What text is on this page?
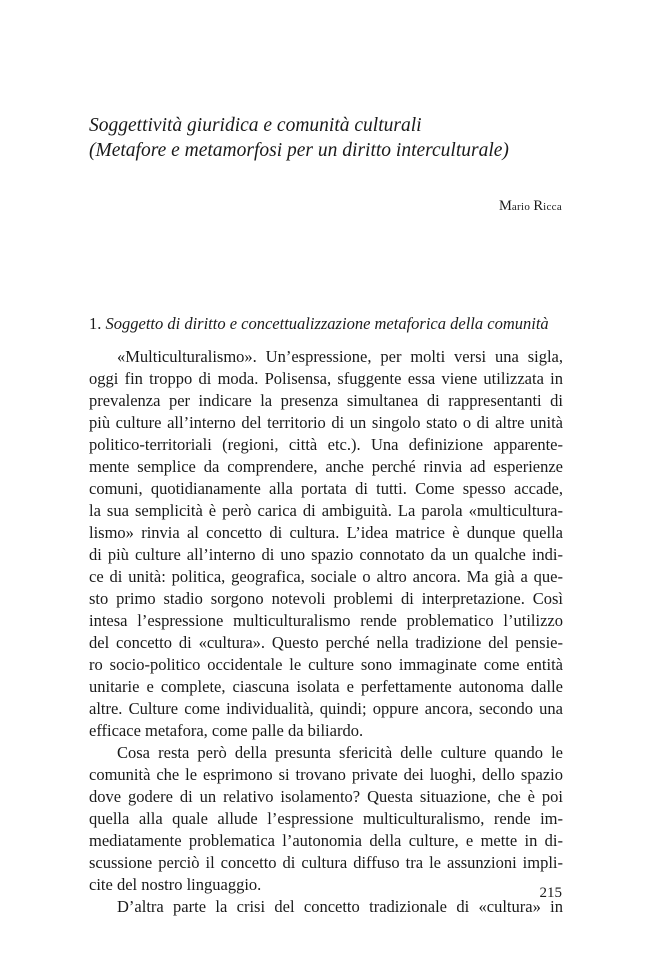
Soggettività giuridica e comunità culturali
(Metafore e metamorfosi per un diritto interculturale)
Mario Ricca
1. Soggetto di diritto e concettualizzazione metaforica della comunità
«Multiculturalismo». Un’espressione, per molti versi una sigla,
oggi fin troppo di moda. Polisensa, sfuggente essa viene utilizzata in
prevalenza per indicare la presenza simultanea di rappresentanti di
più culture all’interno del territorio di un singolo stato o di altre unità
politico-territoriali (regioni, città etc.). Una definizione apparente-
mente semplice da comprendere, anche perché rinvia ad esperienze
comuni, quotidianamente alla portata di tutti. Come spesso accade,
la sua semplicità è però carica di ambiguità. La parola «multicultura-
lismo» rinvia al concetto di cultura. L’idea matrice è dunque quella
di più culture all’interno di uno spazio connotato da un qualche indi-
ce di unità: politica, geografica, sociale o altro ancora. Ma già a que-
sto primo stadio sorgono notevoli problemi di interpretazione. Così
intesa l’espressione multiculturalismo rende problematico l’utilizzo
del concetto di «cultura». Questo perché nella tradizione del pensie-
ro socio-politico occidentale le culture sono immaginate come entità
unitarie e complete, ciascuna isolata e perfettamente autonoma dalle
altre. Culture come individualità, quindi; oppure ancora, secondo una
efficace metafora, come palle da biliardo.
Cosa resta però della presunta sfericità delle culture quando le
comunità che le esprimono si trovano private dei luoghi, dello spazio
dove godere di un relativo isolamento? Questa situazione, che è poi
quella alla quale allude l’espressione multiculturalismo, rende im-
mediatamente problematica l’autonomia della culture, e mette in di-
scussione perciò il concetto di cultura diffuso tra le assunzioni impli-
cite del nostro linguaggio.
D’altra parte la crisi del concetto tradizionale di «cultura» in
215
